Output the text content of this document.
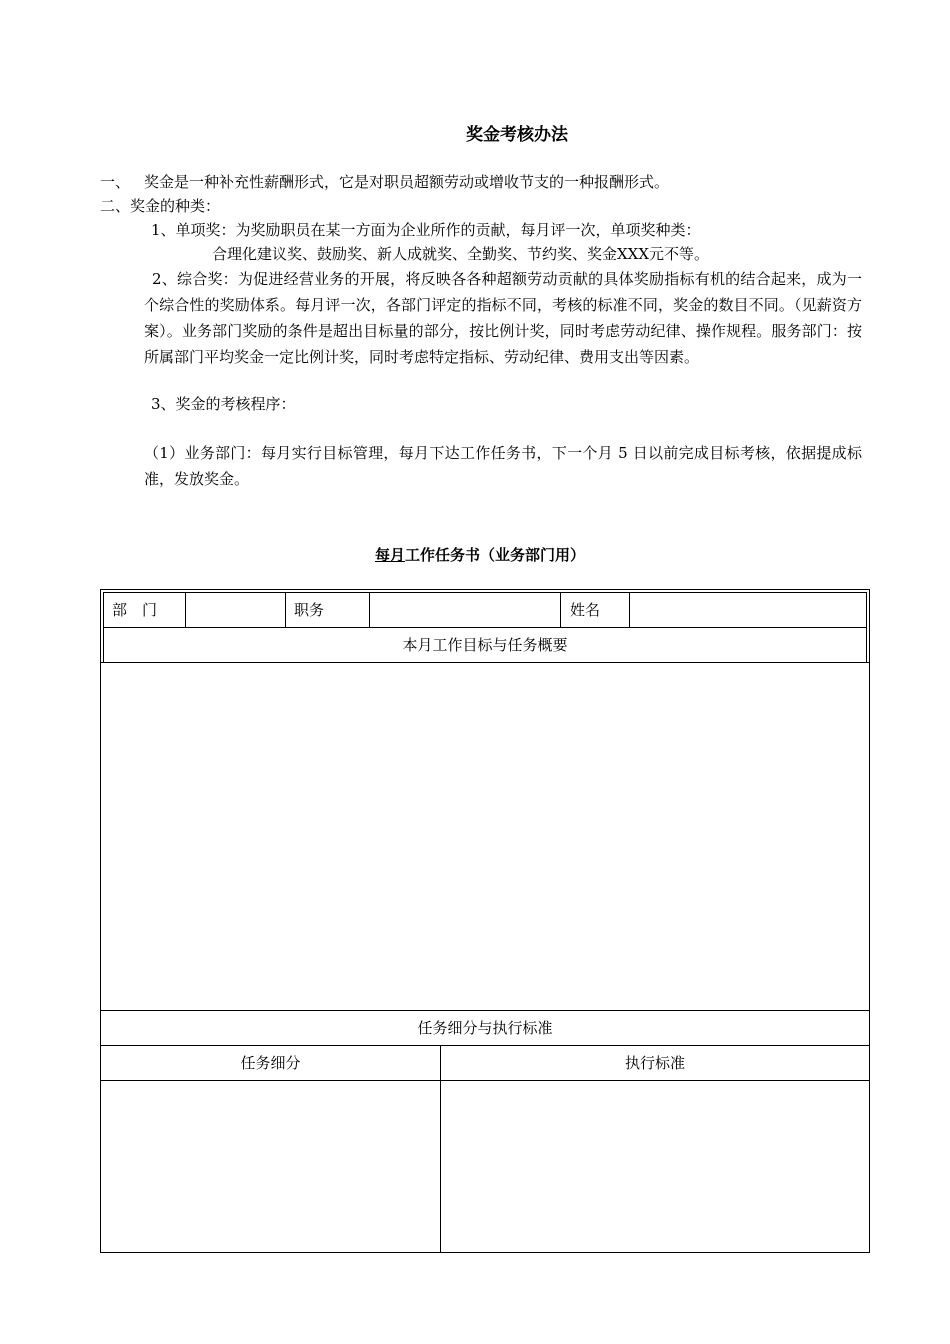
奖金考核办法
一、 奖金是一种补充性薪酬形式，它是对职员超额劳动或增收节支的一种报酬形式。
二、奖金的种类：
1、单项奖：为奖励职员在某一方面为企业所作的贡献，每月评一次，单项奖种类：
合理化建议奖、鼓励奖、新人成就奖、全勤奖、节约奖、奖金XXX元不等。
2、综合奖：为促进经营业务的开展，将反映各各种超额劳动贡献的具体奖励指标有机的结合起来，成为一个综合性的奖励体系。每月评一次，各部门评定的指标不同，考核的标准不同，奖金的数目不同。（见薪资方案）。业务部门奖励的条件是超出目标量的部分，按比例计奖，同时考虑劳动纪律、操作规程。服务部门：按所属部门平均奖金一定比例计奖，同时考虑特定指标、劳动纪律、费用支出等因素。
3、奖金的考核程序：
（1）业务部门：每月实行目标管理，每月下达工作任务书，下一个月 5 日以前完成目标考核，依据提成标准，发放奖金。
每月工作任务书（业务部门用）
部　门	职务	姓名
本月工作目标与任务概要
任务细分与执行标准
任务细分	执行标准
